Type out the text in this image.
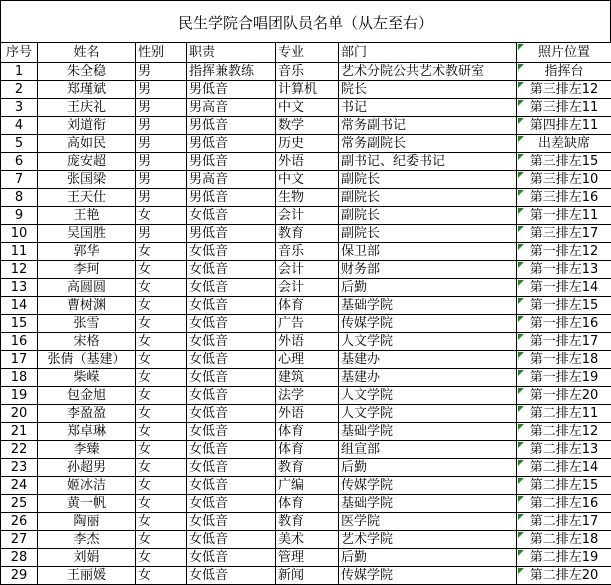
民生学院合唱团队员名单（从左至右）
序号	姓名	性别	职责	专业	部门	照片位置
1	朱全稳	男	指挥兼教练	音乐	艺术分院公共艺术教研室	指挥台
2	郑瑾斌	男	男低音	计算机	院长	第三排左12
3	王庆礼	男	男高音	中文	书记	第三排左11
4	刘道衔	男	男低音	数学	常务副书记	第四排左11
5	高如民	男	男低音	历史	常务副院长	出差缺席
6	庞安超	男	男低音	外语	副书记、纪委书记	第三排左15
7	张国梁	男	男高音	中文	副院长	第三排左10
8	王天仕	男	男低音	生物	副院长	第三排左16
9	王艳	女	女低音	会计	副院长	第一排左11
10	吴国胜	男	男低音	教育	副院长	第三排左17
11	郭华	女	女低音	音乐	保卫部	第一排左12
12	李珂	女	女低音	会计	财务部	第一排左13
13	高圆圆	女	女低音	会计	后勤	第一排左14
14	曹树渊	女	女低音	体育	基础学院	第一排左15
15	张雪	女	女低音	广告	传媒学院	第一排左16
16	宋格	女	女低音	外语	人文学院	第一排左17
17	张倩（基建）	女	女低音	心理	基建办	第一排左18
18	柴嵘	女	女低音	建筑	基建办	第一排左19
19	包金旭	女	女低音	法学	人文学院	第一排左20
20	李盈盈	女	女低音	外语	人文学院	第二排左11
21	郑卓琳	女	女低音	体育	基础学院	第二排左12
22	李臻	女	女低音	体育	组宣部	第二排左13
23	孙超男	女	女低音	教育	后勤	第二排左14
24	姬冰洁	女	女低音	广编	传媒学院	第二排左15
25	黄一帆	女	女低音	体育	基础学院	第二排左16
26	陶丽	女	女低音	教育	医学院	第二排左17
27	李杰	女	女低音	美术	艺术学院	第二排左18
28	刘娟	女	女低音	管理	后勤	第二排左19
29	王丽媛	女	女低音	新闻	传媒学院	第二排左20
